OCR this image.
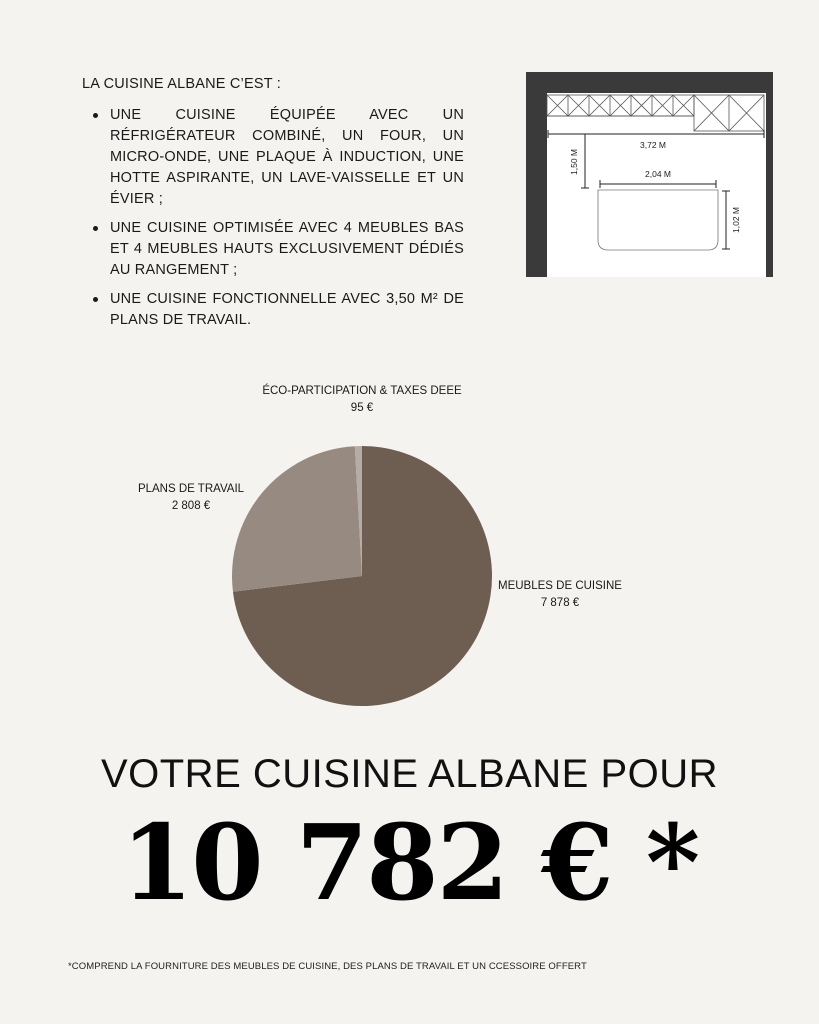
LA CUISINE ALBANE C’EST :

UNE CUISINE ÉQUIPÉE AVEC UN RÉFRIGÉRATEUR COMBINÉ, UN FOUR, UN MICRO-ONDE, UNE PLAQUE À INDUCTION, UNE HOTTE ASPIRANTE, UN LAVE-VAISSELLE ET UN ÉVIER ;
UNE CUISINE OPTIMISÉE AVEC 4 MEUBLES BAS ET 4 MEUBLES HAUTS EXCLUSIVEMENT DÉDIÉS AU RANGEMENT ;
UNE CUISINE FONCTIONNELLE AVEC 3,50 M² DE PLANS DE TRAVAIL.
3,72 M
1,50 M	2,04 M
1,02 M
MEUBLES DE CUISINE
7 878 €
PLANS DE TRAVAIL
2 808 €
ÉCO-PARTICIPATION & TAXES DEEE
95 €
VOTRE CUISINE ALBANE POUR
10 782 € *
*COMPREND LA FOURNITURE DES MEUBLES DE CUISINE, DES PLANS DE TRAVAIL ET UN CCESSOIRE OFFERT
